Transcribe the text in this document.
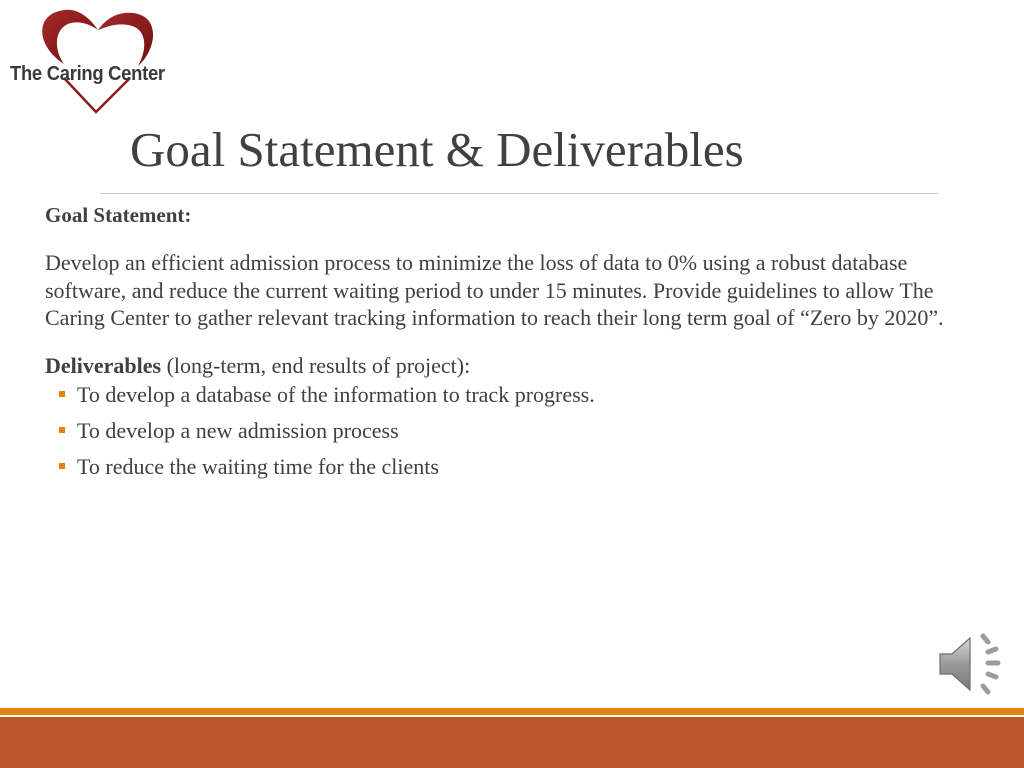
The Caring Center
Goal Statement & Deliverables

Goal Statement:

Develop an efficient admission process to minimize the loss of data to 0% using a robust database software, and reduce the current waiting period to under 15 minutes. Provide guidelines to allow The Caring Center to gather relevant tracking information to reach their long term goal of “Zero by 2020”.

Deliverables (long-term, end results of project):

To develop a database of the information to track progress.
To develop a new admission process
To reduce the waiting time for the clients
